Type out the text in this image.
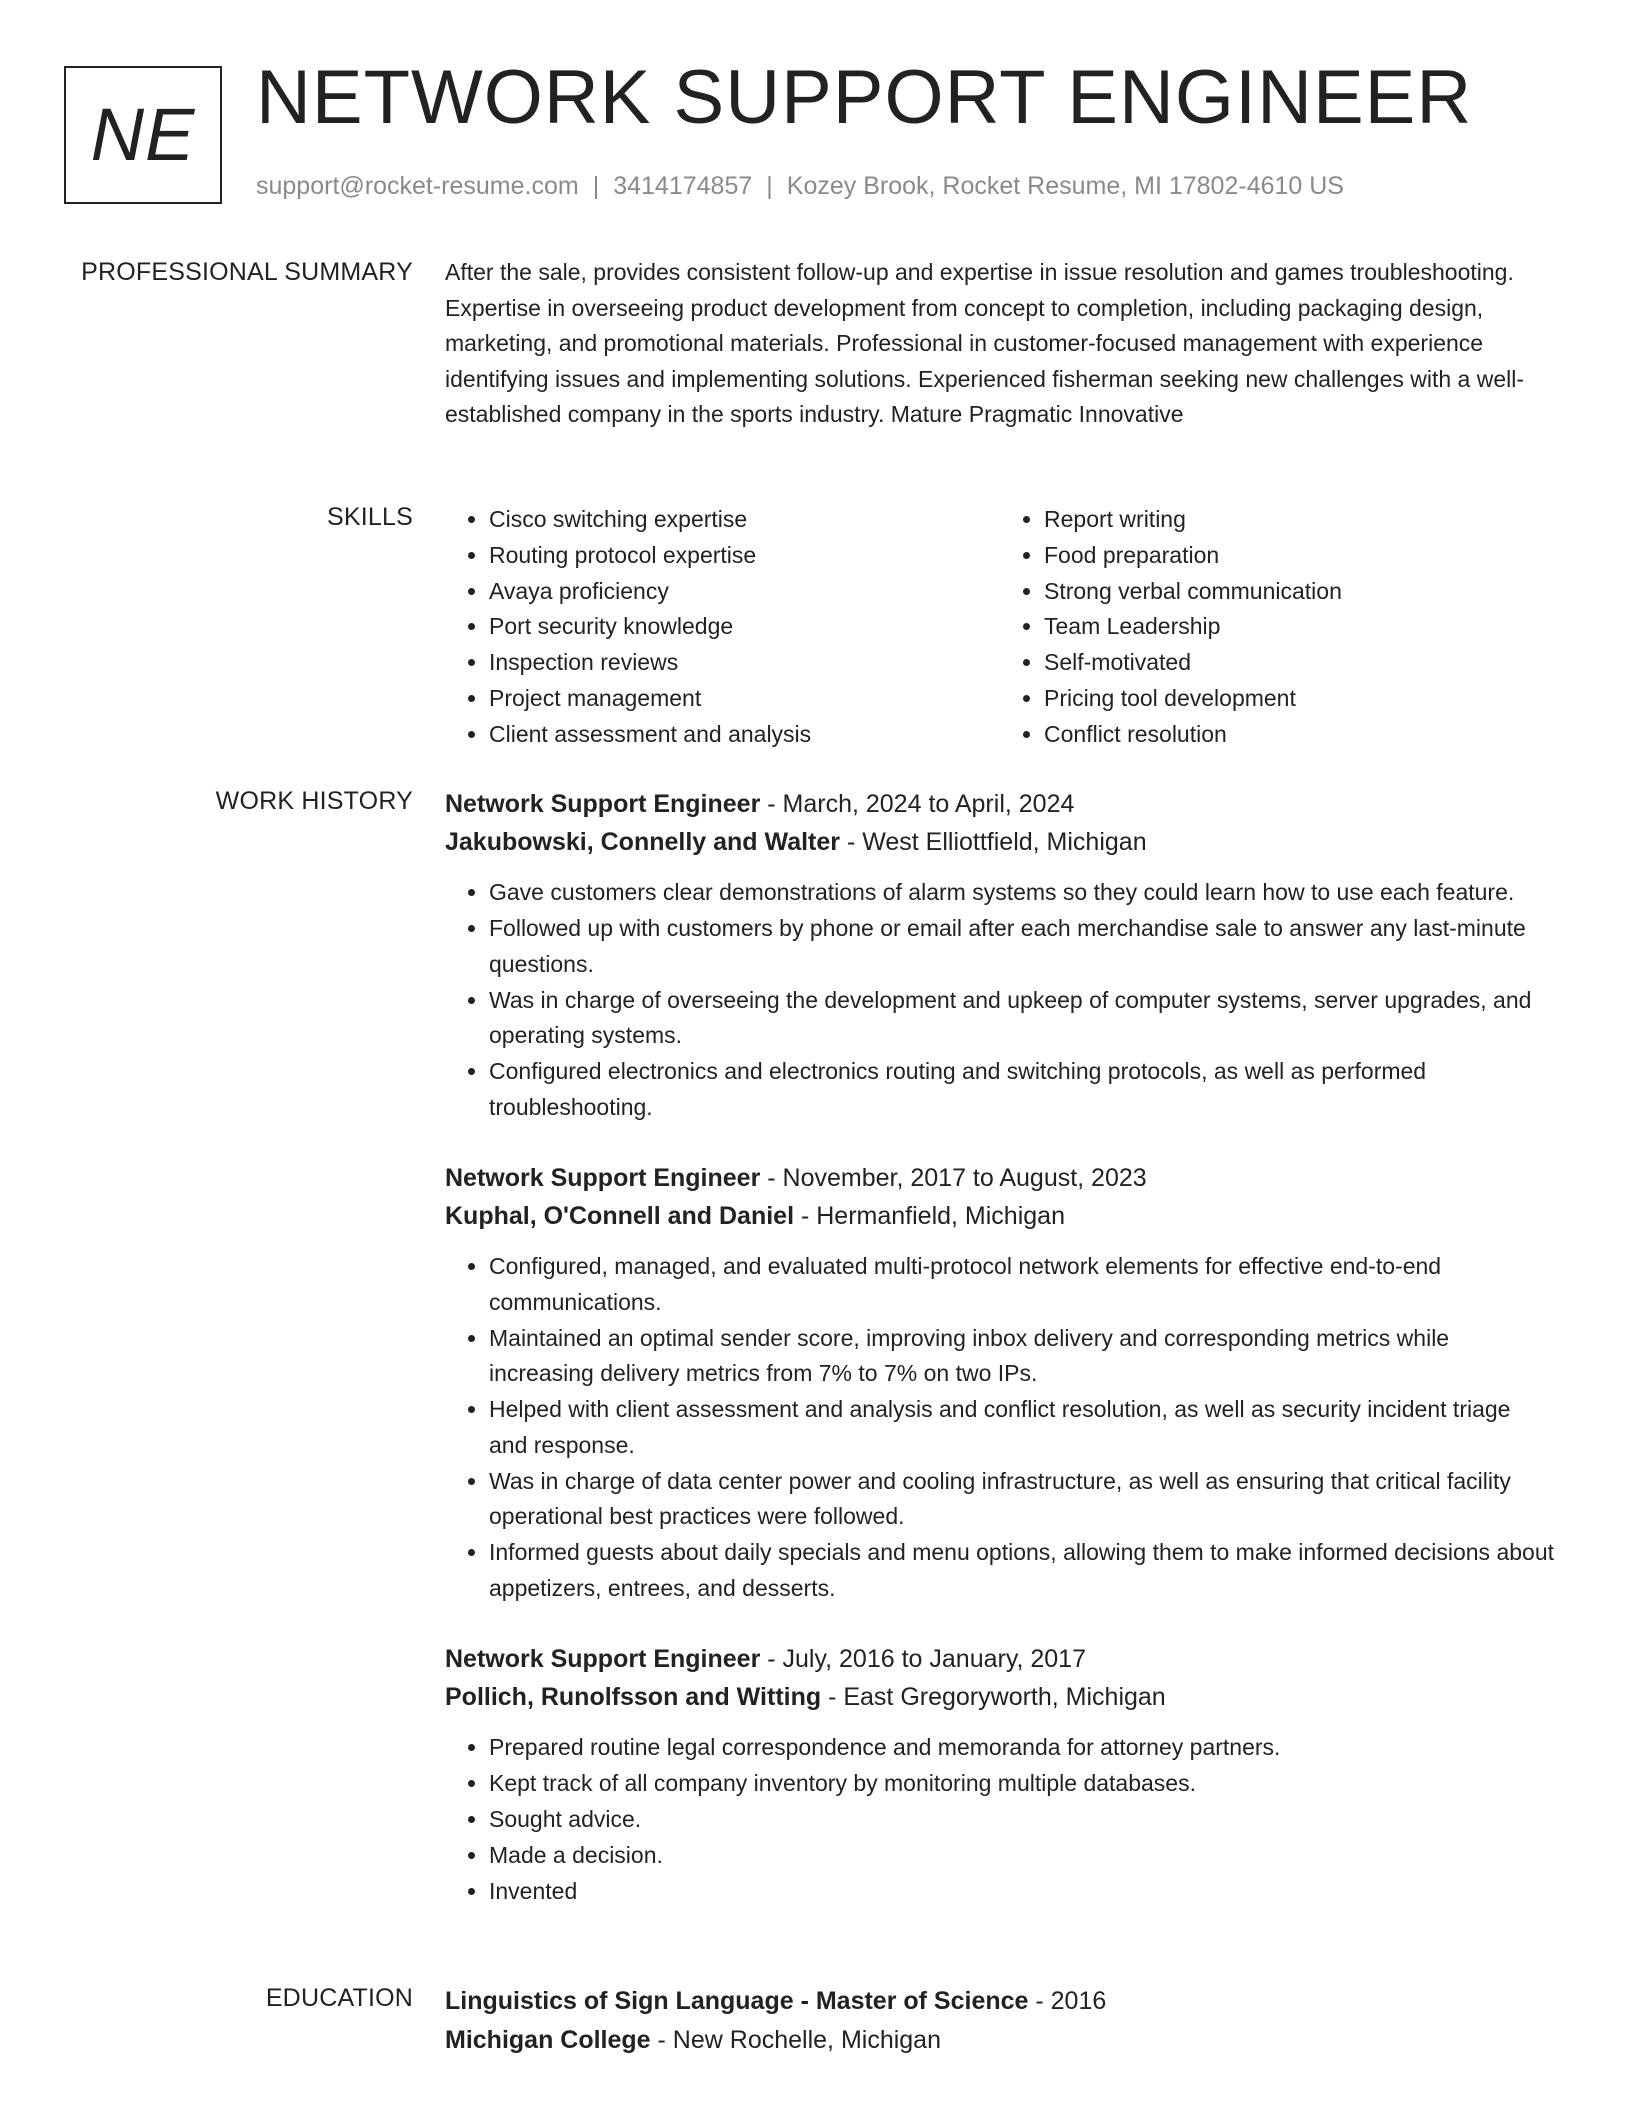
NE NETWORK SUPPORT ENGINEER
support@rocket-resume.com | 3414174857 | Kozey Brook, Rocket Resume, MI 17802-4610 US
PROFESSIONAL SUMMARY After the sale, provides consistent follow-up and expertise in issue resolution and games troubleshooting. Expertise in overseeing product development from concept to completion, including packaging design, marketing, and promotional materials. Professional in customer-focused management with experience identifying issues and implementing solutions. Experienced fisherman seeking new challenges with a well-established company in the sports industry. Mature Pragmatic Innovative

SKILLS
•	Cisco switching expertise
• Routing protocol expertise
• Avaya proficiency
• Port security knowledge
• Inspection reviews
• Project management
• Client assessment and analysis
• Report writing
• Food preparation
• Strong verbal communication
• Team Leadership
• Self-motivated
• Pricing tool development
• Conflict resolution
WORK HISTORY Network Support Engineer - March, 2024 to April, 2024
Jakubowski, Connelly and Walter - West Elliottfield, Michigan
• Gave customers clear demonstrations of alarm systems so they could learn how to use each feature.
• Followed up with customers by phone or email after each merchandise sale to answer any last-minute questions.
• Was in charge of overseeing the development and upkeep of computer systems, server upgrades, and operating systems.
• Configured electronics and electronics routing and switching protocols, as well as performed troubleshooting.
Network Support Engineer - November, 2017 to August, 2023
Kuphal, O'Connell and Daniel - Hermanfield, Michigan
• Configured, managed, and evaluated multi-protocol network elements for effective end-to-end communications.
• Maintained an optimal sender score, improving inbox delivery and corresponding metrics while increasing delivery metrics from 7% to 7% on two IPs.
• Helped with client assessment and analysis and conflict resolution, as well as security incident triage and response.
• Was in charge of data center power and cooling infrastructure, as well as ensuring that critical facility operational best practices were followed.
• Informed guests about daily specials and menu options, allowing them to make informed decisions about appetizers, entrees, and desserts.
Network Support Engineer - July, 2016 to January, 2017
Pollich, Runolfsson and Witting - East Gregoryworth, Michigan
• Prepared routine legal correspondence and memoranda for attorney partners.
• Kept track of all company inventory by monitoring multiple databases.
• Sought advice.
• Made a decision.
• Invented
EDUCATION Linguistics of Sign Language - Master of Science - 2016
Michigan College - New Rochelle, Michigan
